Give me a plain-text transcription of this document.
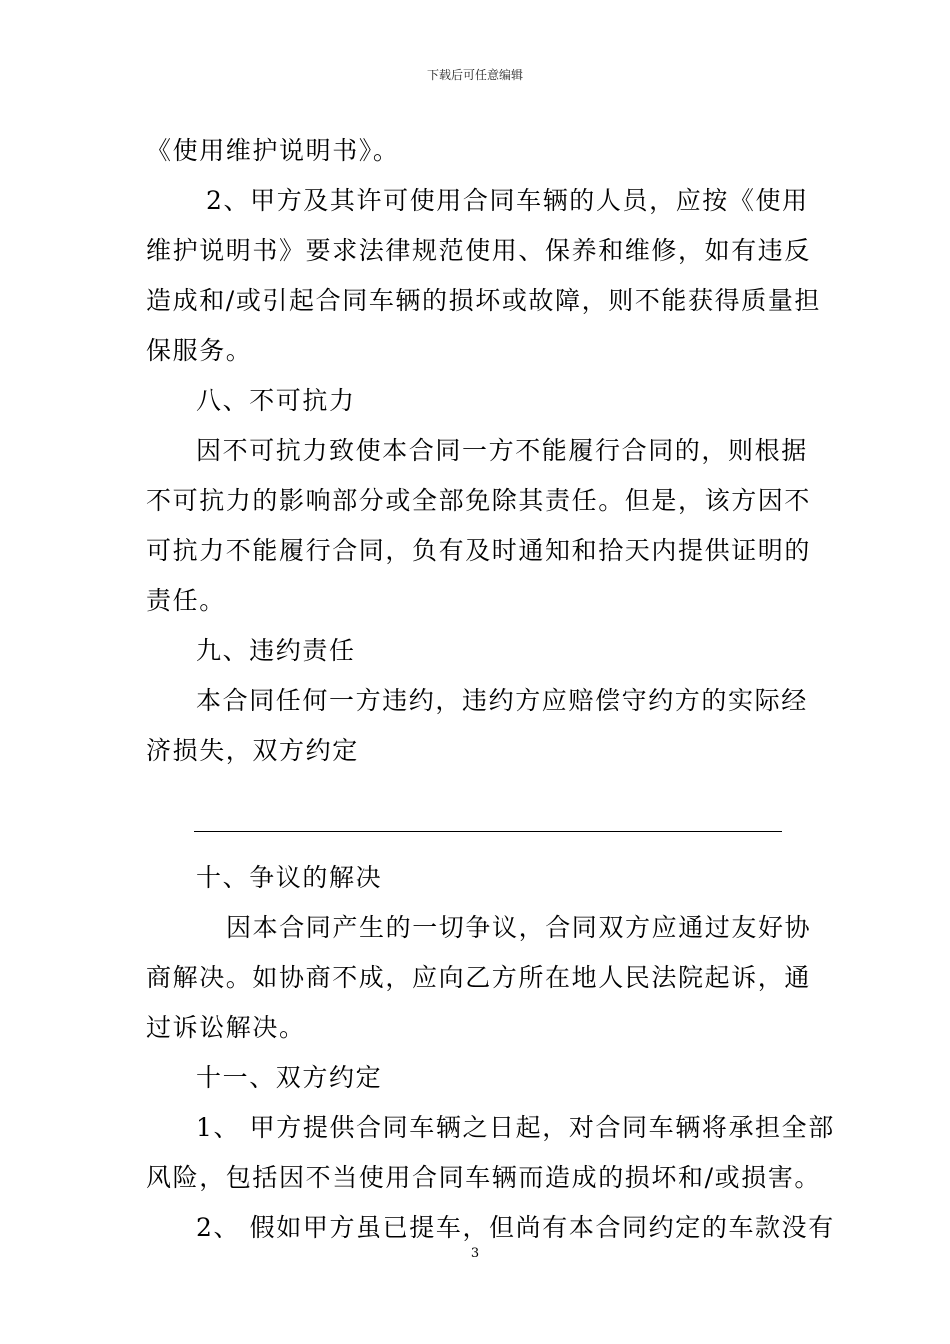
下载后可任意编辑
《使用维护说明书》。
2、甲方及其许可使用合同车辆的人员，应按《使用
维护说明书》要求法律规范使用、保养和维修，如有违反
造成和/或引起合同车辆的损坏或故障，则不能获得质量担
保服务。
八、不可抗力
因不可抗力致使本合同一方不能履行合同的，则根据
不可抗力的影响部分或全部免除其责任。但是，该方因不
可抗力不能履行合同，负有及时通知和拾天内提供证明的
责任。
九、违约责任
本合同任何一方违约，违约方应赔偿守约方的实际经
济损失，双方约定
十、争议的解决
因本合同产生的一切争议，合同双方应通过友好协
商解决。如协商不成，应向乙方所在地人民法院起诉，通
过诉讼解决。
十一、双方约定
1、 甲方提供合同车辆之日起，对合同车辆将承担全部
风险，包括因不当使用合同车辆而造成的损坏和/或损害。
2、 假如甲方虽已提车，但尚有本合同约定的车款没有
3
